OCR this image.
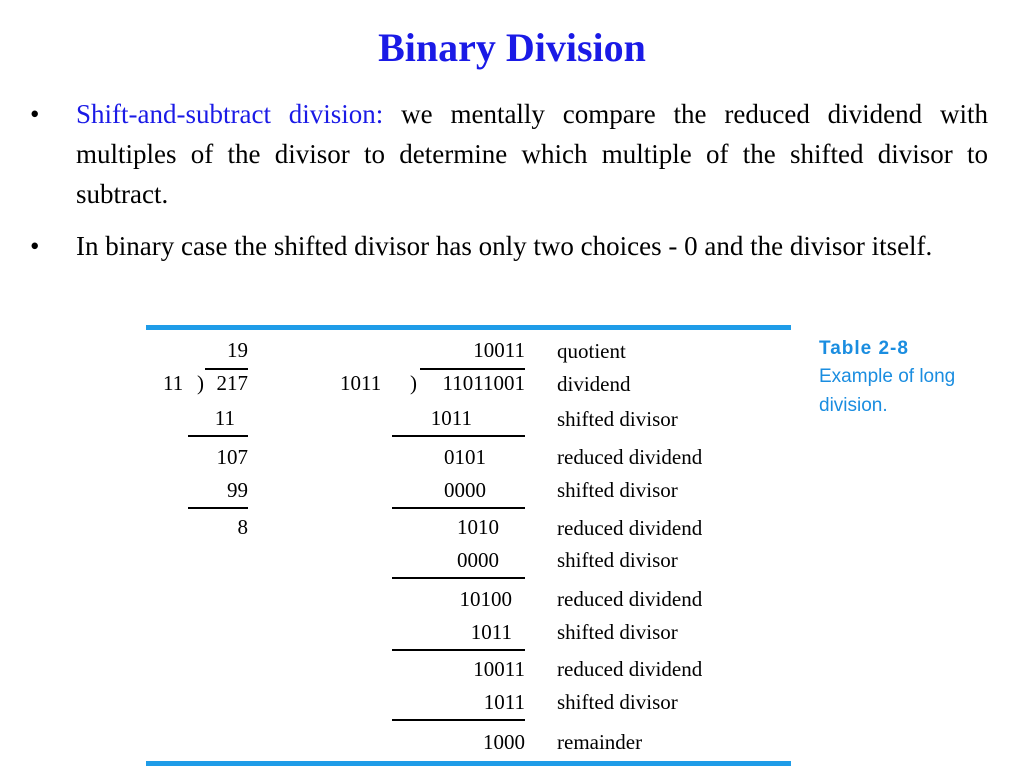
Binary Division
• Shift-and-subtract division: we mentally compare the reduced dividend with multiples of the divisor to determine which multiple of the shifted divisor to subtract.
• In binary case the shifted divisor has only two choices - 0 and the divisor itself.
19
11 ) 217
11
107
99
8
10011
1011 )	11011001
1011
0101
0000
1010
0000
10100
1011
10011
1011
1000
quotient
dividend
shifted divisor
reduced dividend
shifted divisor
reduced dividend
shifted divisor
reduced dividend
shifted divisor
reduced dividend
shifted divisor
remainder
Table 2-8
Example of long division.
